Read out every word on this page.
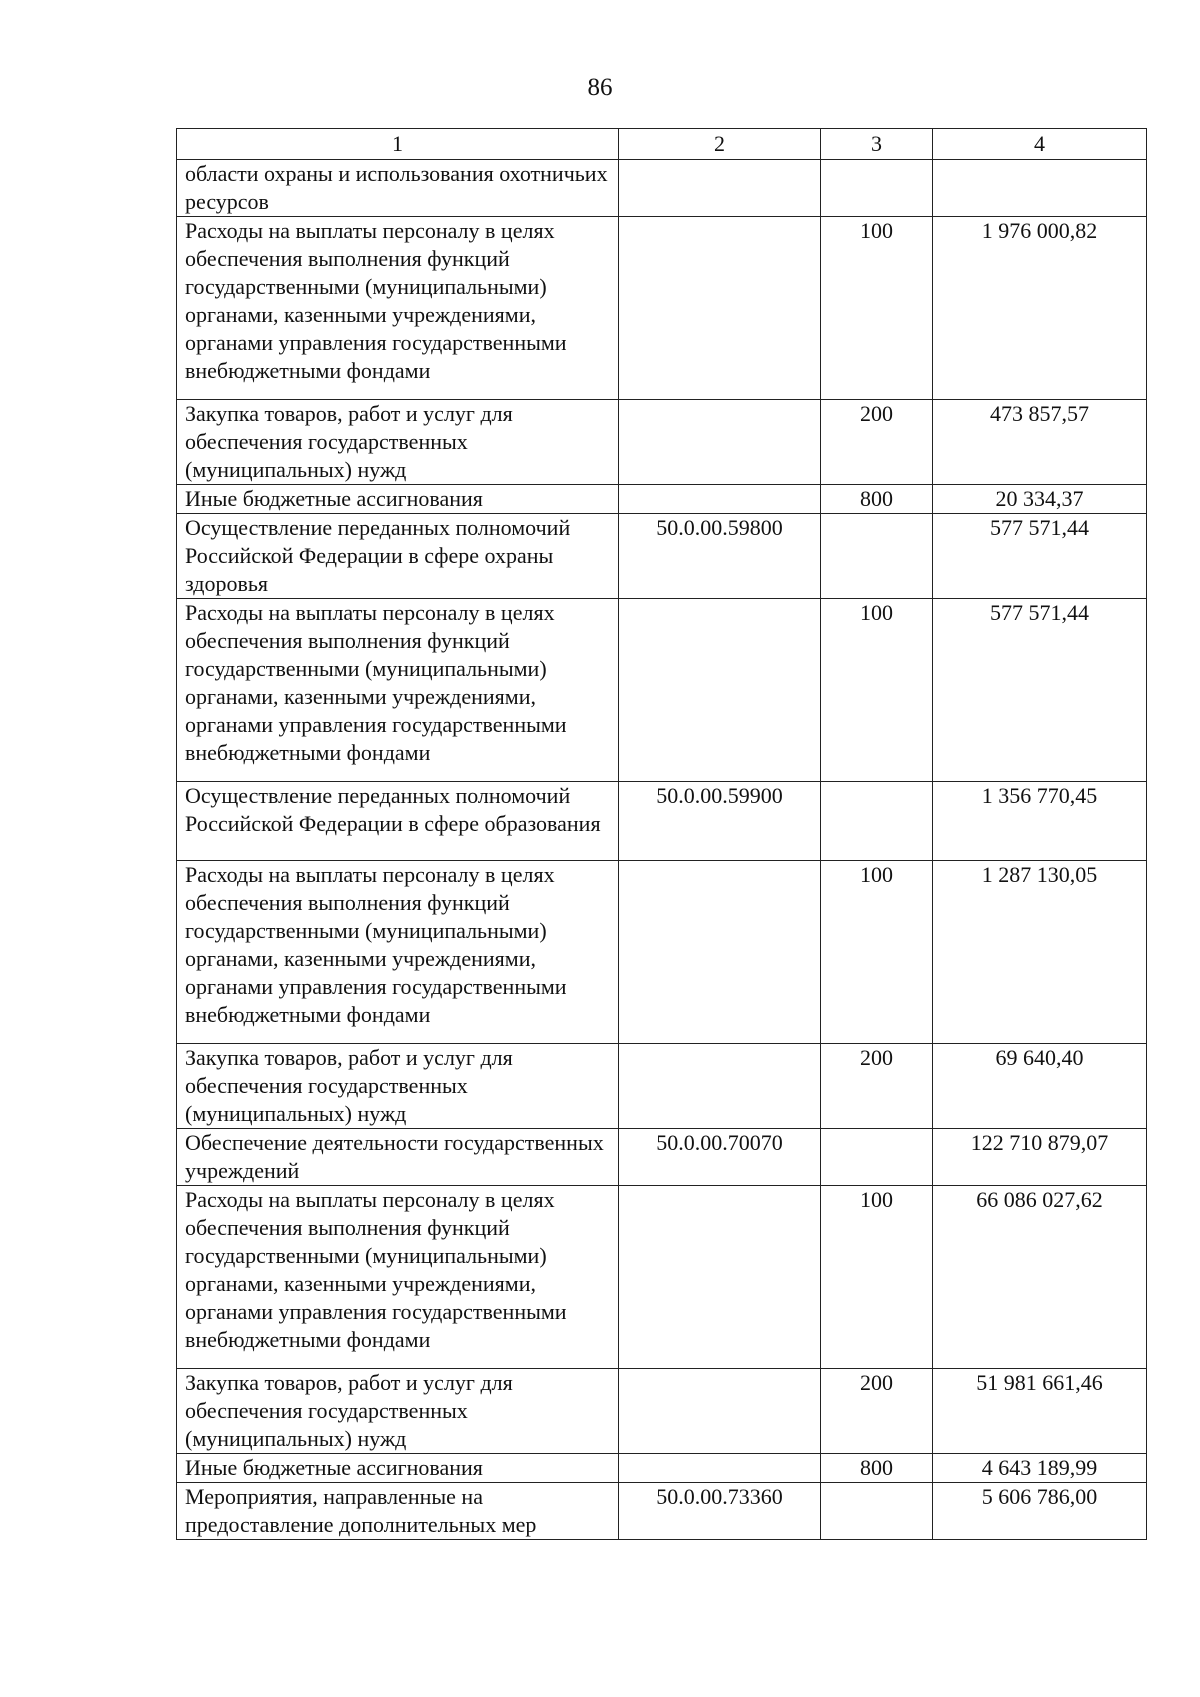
86
1	2	3	4
области охраны и использования охотничьих ресурсов			
Расходы на выплаты персоналу в целях обеспечения выполнения функций государственными (муниципальными) органами, казенными учреждениями, органами управления государственными внебюджетными фондами		100	1 976 000,82
Закупка товаров, работ и услуг для обеспечения государственных (муниципальных) нужд		200	473 857,57
Иные бюджетные ассигнования		800	20 334,37
Осуществление переданных полномочий Российской Федерации в сфере охраны здоровья	50.0.00.59800		577 571,44
Расходы на выплаты персоналу в целях обеспечения выполнения функций государственными (муниципальными) органами, казенными учреждениями, органами управления государственными внебюджетными фондами		100	577 571,44
Осуществление переданных полномочий Российской Федерации в сфере образования	50.0.00.59900		1 356 770,45
Расходы на выплаты персоналу в целях обеспечения выполнения функций государственными (муниципальными) органами, казенными учреждениями, органами управления государственными внебюджетными фондами		100	1 287 130,05
Закупка товаров, работ и услуг для обеспечения государственных (муниципальных) нужд		200	69 640,40
Обеспечение деятельности государственных учреждений	50.0.00.70070		122 710 879,07
Расходы на выплаты персоналу в целях обеспечения выполнения функций государственными (муниципальными) органами, казенными учреждениями, органами управления государственными внебюджетными фондами		100	66 086 027,62
Закупка товаров, работ и услуг для обеспечения государственных (муниципальных) нужд		200	51 981 661,46
Иные бюджетные ассигнования		800	4 643 189,99
Мероприятия, направленные на предоставление дополнительных мер	50.0.00.73360		5 606 786,00
